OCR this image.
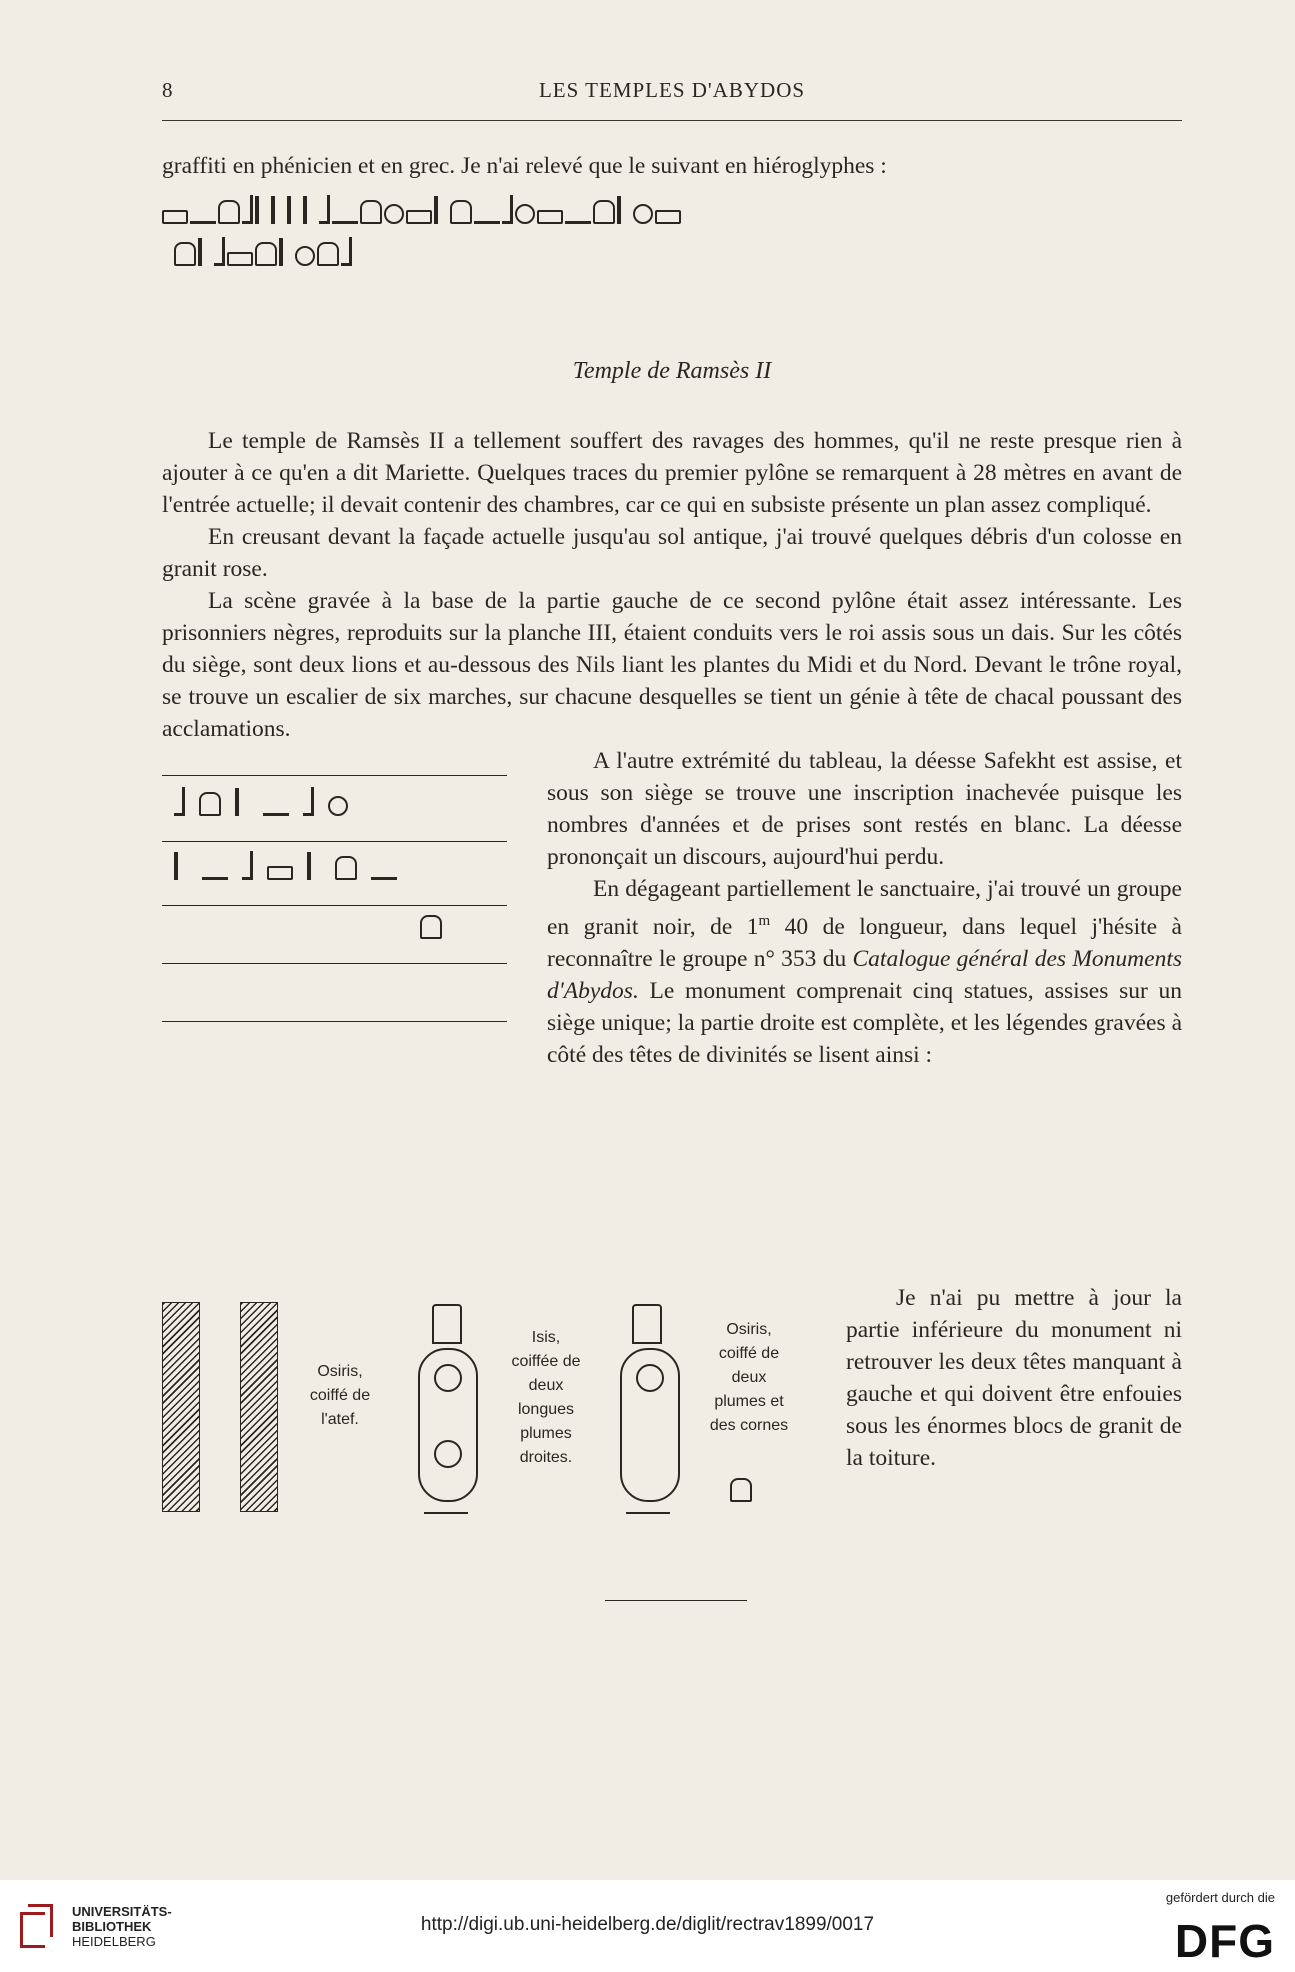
8	LES TEMPLES D'ABYDOS

graffiti en phénicien et en grec. Je n'ai relevé que le suivant en hiéroglyphes :

Temple de Ramsès II

Le temple de Ramsès II a tellement souffert des ravages des hommes, qu'il ne reste presque rien à ajouter à ce qu'en a dit Mariette. Quelques traces du premier pylône se remarquent à 28 mètres en avant de l'entrée actuelle; il devait contenir des chambres, car ce qui en subsiste présente un plan assez compliqué.

En creusant devant la façade actuelle jusqu'au sol antique, j'ai trouvé quelques débris d'un colosse en granit rose.

La scène gravée à la base de la partie gauche de ce second pylône était assez intéressante. Les prisonniers nègres, reproduits sur la planche III, étaient conduits vers le roi assis sous un dais. Sur les côtés du siège, sont deux lions et au-dessous des Nils liant les plantes du Midi et du Nord. Devant le trône royal, se trouve un escalier de six marches, sur chacune desquelles se tient un génie à tête de chacal poussant des acclamations.

A l'autre extrémité du tableau, la déesse Safekht est assise, et sous son siège se trouve une inscription inachevée puisque les nombres d'années et de prises sont restés en blanc. La déesse prononçait un discours, aujourd'hui perdu.

En dégageant partiellement le sanctuaire, j'ai trouvé un groupe en granit noir, de 1$^m$ 40 de longueur, dans lequel j'hésite à reconnaître le groupe n° 353 du Catalogue général des Monuments d'Abydos. Le monument comprenait cinq statues, assises sur un siège unique; la partie droite est complète, et les légendes gravées à côté des têtes de divinités se lisent ainsi :

Osiris,
coiffé de
l'atef.
Isis,
coiffée de
deux
longues
plumes
droites.
Osiris,
coiffé de
deux
plumes et
des cornes

Je n'ai pu mettre à jour la partie inférieure du monument ni retrouver les deux têtes manquant à gauche et qui doivent être enfouies sous les énormes blocs de granit de la toiture.

UNIVERSITÄTS-
BIBLIOTHEK
HEIDELBERG
http://digi.ub.uni-heidelberg.de/diglit/rectrav1899/0017
gefördert durch die
DFG
